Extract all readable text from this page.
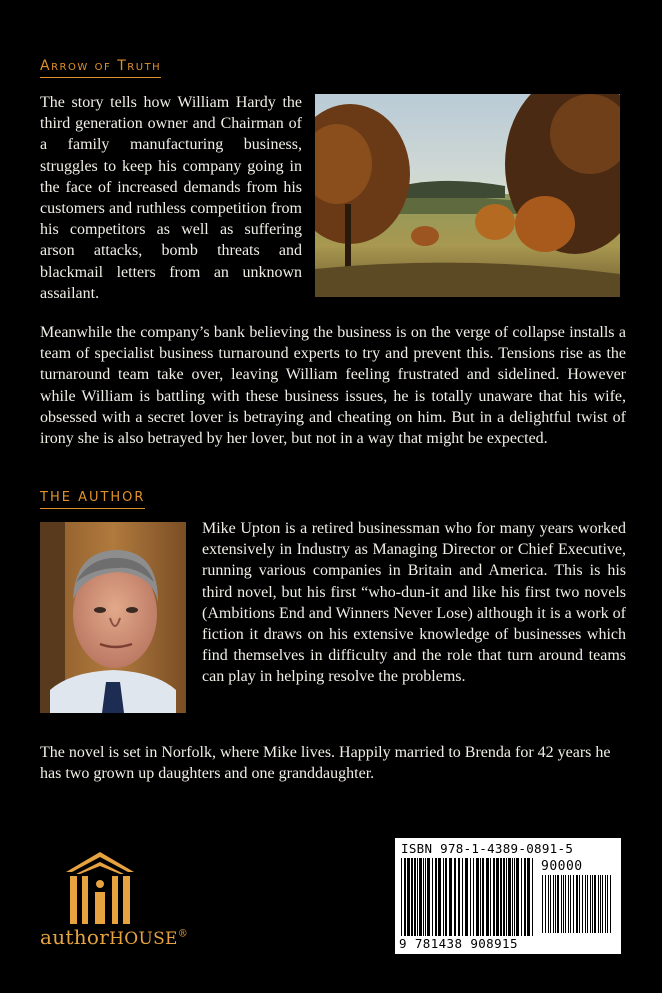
Arrow of Truth

The story tells how William Hardy the third generation owner and Chairman of a family manufacturing business, struggles to keep his company going in the face of increased demands from his customers and ruthless competition from his competitors as well as suffering arson attacks, bomb threats and blackmail letters from an unknown assailant.

Meanwhile the company’s bank believing the business is on the verge of collapse installs a team of specialist business turnaround experts to try and prevent this. Tensions rise as the turnaround team take over, leaving William feeling frustrated and sidelined. However while William is battling with these business issues, he is totally unaware that his wife, obsessed with a secret lover is betraying and cheating on him. But in a delightful twist of irony she is also betrayed by her lover, but not in a way that might be expected.

THE AUTHOR

Mike Upton is a retired businessman who for many years worked extensively in Industry as Managing Director or Chief Executive, running various companies in Britain and America. This is his third novel, but his first “who-dun-it and like his first two novels (Ambitions End and Winners Never Lose) although it is a work of fiction it draws on his extensive knowledge of businesses which find themselves in difficulty and the role that turn around teams can play in helping resolve the problems.

The novel is set in Norfolk, where Mike lives. Happily married to Brenda for 42 years he has two grown up daughters and one granddaughter.

authorHOUSE®
ISBN 978-1-4389-0891-5
90000
9 781438 908915
